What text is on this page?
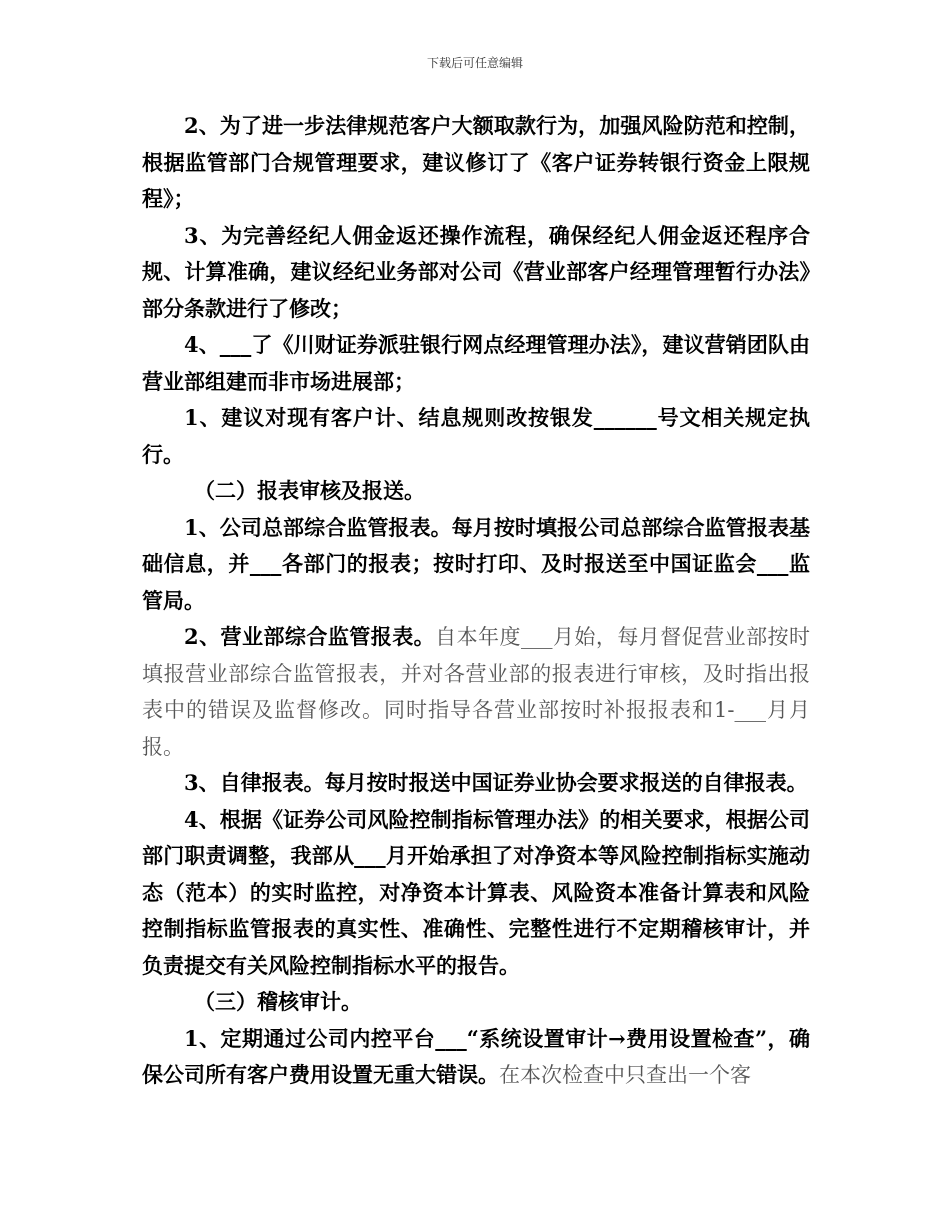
下载后可任意编辑

2、为了进一步法律规范客户大额取款行为，加强风险防范和控制，根据监管部门合规管理要求，建议修订了《客户证券转银行资金上限规程》；

3、为完善经纪人佣金返还操作流程，确保经纪人佣金返还程序合规、计算准确，建议经纪业务部对公司《营业部客户经理管理暂行办法》部分条款进行了修改；

4、___了《川财证券派驻银行网点经理管理办法》，建议营销团队由营业部组建而非市场进展部；

1、建议对现有客户计、结息规则改按银发______号文相关规定执行。

（二）报表审核及报送。

1、公司总部综合监管报表。每月按时填报公司总部综合监管报表基础信息，并___各部门的报表；按时打印、及时报送至中国证监会___监管局。

2、营业部综合监管报表。自本年度___月始，每月督促营业部按时填报营业部综合监管报表，并对各营业部的报表进行审核，及时指出报表中的错误及监督修改。同时指导各营业部按时补报报表和1-___月月报。

3、自律报表。每月按时报送中国证券业协会要求报送的自律报表。

4、根据《证券公司风险控制指标管理办法》的相关要求，根据公司部门职责调整，我部从___月开始承担了对净资本等风险控制指标实施动态（范本）的实时监控，对净资本计算表、风险资本准备计算表和风险控制指标监管报表的真实性、准确性、完整性进行不定期稽核审计，并负责提交有关风险控制指标水平的报告。

（三）稽核审计。

1、定期通过公司内控平台___“系统设置审计→费用设置检查”，确保公司所有客户费用设置无重大错误。在本次检查中只查出一个客
